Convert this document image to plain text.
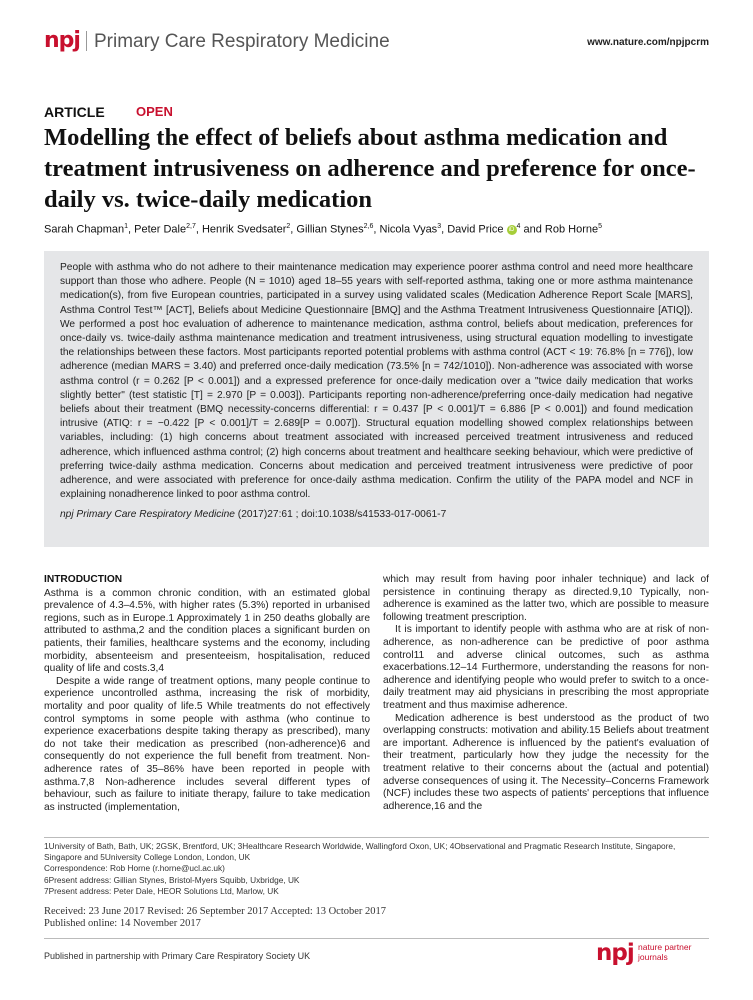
npj Primary Care Respiratory Medicine	www.nature.com/npjpcrm
ARTICLE OPEN
Modelling the effect of beliefs about asthma medication and treatment intrusiveness on adherence and preference for once-daily vs. twice-daily medication
Sarah Chapman$^1$, Peter Dale$^{2,7}$, Henrik Svedsater$^2$, Gillian Stynes$^{2,6}$, Nicola Vyas$^3$, David Price iD $^4$ and Rob Horne$^5$

People with asthma who do not adhere to their maintenance medication may experience poorer asthma control and need more healthcare support than those who adhere. People (N = 1010) aged 18–55 years with self-reported asthma, taking one or more asthma maintenance medication(s), from five European countries, participated in a survey using validated scales (Medication Adherence Report Scale [MARS], Asthma Control Test™ [ACT], Beliefs about Medicine Questionnaire [BMQ] and the Asthma Treatment Intrusiveness Questionnaire [ATIQ]). We performed a post hoc evaluation of adherence to maintenance medication, asthma control, beliefs about medication, preferences for once-daily vs. twice-daily asthma maintenance medication and treatment intrusiveness, using structural equation modelling to investigate the relationships between these factors. Most participants reported potential problems with asthma control (ACT < 19: 76.8% [n = 776]), low adherence (median MARS = 3.40) and preferred once-daily medication (73.5% [n = 742/1010]). Non-adherence was associated with worse asthma control (r = 0.262 [P < 0.001]) and a expressed preference for once-daily medication over a "twice daily medication that works slightly better" (test statistic [T] = 2.970 [P = 0.003]). Participants reporting non-adherence/preferring once-daily medication had negative beliefs about their treatment (BMQ necessity-concerns differential: r = 0.437 [P < 0.001]/T = 6.886 [P < 0.001]) and found medication intrusive (ATIQ: r = −0.422 [P < 0.001]/T = 2.689[P = 0.007]). Structural equation modelling showed complex relationships between variables, including: (1) high concerns about treatment associated with increased perceived treatment intrusiveness and reduced adherence, which influenced asthma control; (2) high concerns about treatment and healthcare seeking behaviour, which were predictive of preferring twice-daily asthma medication. Concerns about medication and perceived treatment intrusiveness were predictive of poor adherence, and were associated with preference for once-daily asthma medication. Confirm the utility of the PAPA model and NCF in explaining nonadherence linked to poor asthma control.

npj Primary Care Respiratory Medicine (2017)27:61 ; doi:10.1038/s41533-017-0061-7
INTRODUCTION

Asthma is a common chronic condition, with an estimated global prevalence of 4.3–4.5%, with higher rates (5.3%) reported in urbanised regions, such as in Europe.1 Approximately 1 in 250 deaths globally are attributed to asthma,2 and the condition places a significant burden on patients, their families, healthcare systems and the economy, including morbidity, absenteeism and presenteeism, hospitalisation, reduced quality of life and costs.3,4

Despite a wide range of treatment options, many people continue to experience uncontrolled asthma, increasing the risk of morbidity, mortality and poor quality of life.5 While treatments do not effectively control symptoms in some people with asthma (who continue to experience exacerbations despite taking therapy as prescribed), many do not take their medication as prescribed (non-adherence)6 and consequently do not experience the full benefit from treatment. Non-adherence rates of 35–86% have been reported in people with asthma.7,8 Non-adherence includes several different types of behaviour, such as failure to initiate therapy, failure to take medication as instructed (implementation,

which may result from having poor inhaler technique) and lack of persistence in continuing therapy as directed.9,10 Typically, non-adherence is examined as the latter two, which are possible to measure following treatment prescription.

It is important to identify people with asthma who are at risk of non-adherence, as non-adherence can be predictive of poor asthma control11 and adverse clinical outcomes, such as asthma exacerbations.12–14 Furthermore, understanding the reasons for non-adherence and identifying people who would prefer to switch to a once-daily treatment may aid physicians in prescribing the most appropriate treatment and thus maximise adherence.

Medication adherence is best understood as the product of two overlapping constructs: motivation and ability.15 Beliefs about treatment are important. Adherence is influenced by the patient's evaluation of their treatment, particularly how they judge the necessity for the treatment relative to their concerns about the (actual and potential) adverse consequences of using it. The Necessity–Concerns Framework (NCF) includes these two aspects of patients' perceptions that influence adherence,16 and the

1University of Bath, Bath, UK; 2GSK, Brentford, UK; 3Healthcare Research Worldwide, Wallingford Oxon, UK; 4Observational and Pragmatic Research Institute, Singapore, Singapore and 5University College London, London, UK
Correspondence: Rob Horne (r.horne@ucl.ac.uk)
6Present address: Gillian Stynes, Bristol-Myers Squibb, Uxbridge, UK
7Present address: Peter Dale, HEOR Solutions Ltd, Marlow, UK
Received: 23 June 2017 Revised: 26 September 2017 Accepted: 13 October 2017
Published online: 14 November 2017
Published in partnership with Primary Care Respiratory Society UK	npj nature partner
journals
